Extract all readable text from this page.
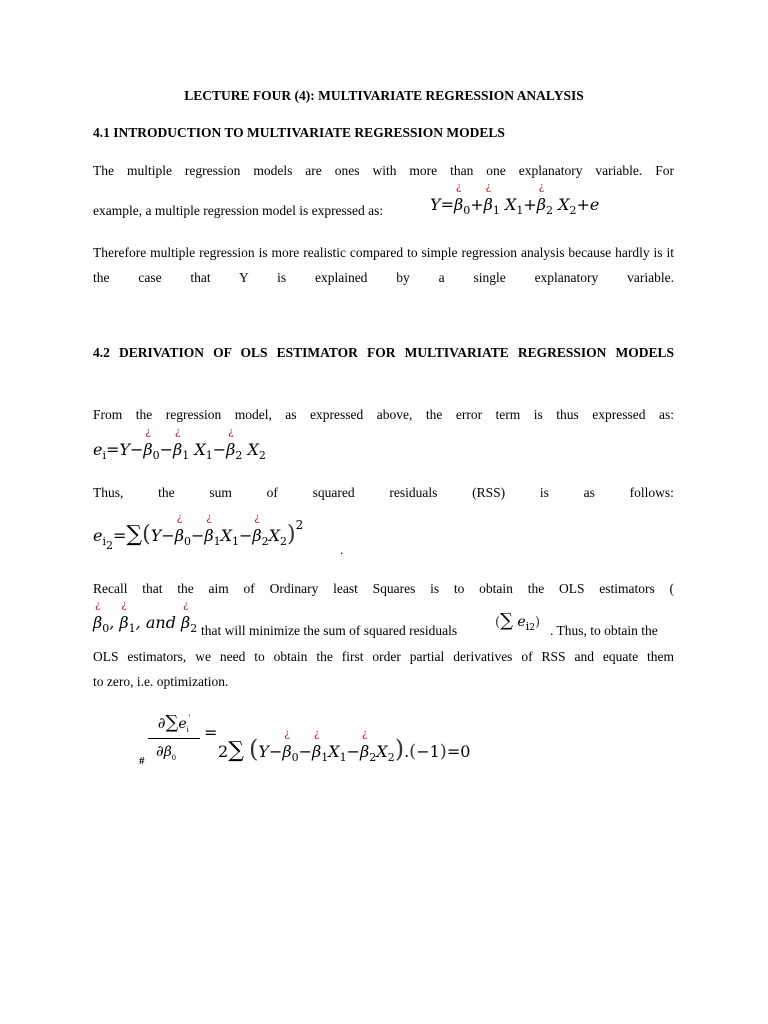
LECTURE FOUR (4): MULTIVARIATE REGRESSION ANALYSIS
4.1 INTRODUCTION TO MULTIVARIATE REGRESSION MODELS
The multiple regression models are ones with more than one explanatory variable. For
example, a multiple regression model is expressed as:	Y=
¿
$\beta_0+$
¿
$\beta_1$ $X_1+$
¿
$\beta_2$ $X_2+e$
Therefore multiple regression is more realistic compared to simple regression analysis because hardly is it the case that Y is explained by a single explanatory variable.
4.2 DERIVATION OF OLS ESTIMATOR FOR MULTIVARIATE REGRESSION MODELS
From the regression model, as expressed above, the error term is thus expressed as:
$e_i=Y-$
¿
$\beta_0-$
¿
$\beta_1$ $X_1-$
¿
$\beta_2$ $X_2$
Thus,	the	sum	of	squared	residuals	(RSS)	is	as	follows:
$e_{i2}=\sum(Y-$
¿
$\beta_0-$
¿
$\beta_1X_1-$
¿
$\beta_2X_2)^2$
.
Recall that the aim of Ordinary least Squares is to obtain the OLS estimators (
¿
$\beta_0$,
¿
$\beta_1$, and
¿
$\beta_2$ that will minimize the sum of squared residuals
(∑ $e_{i2}$)
. Thus, to obtain the
OLS estimators, we need to obtain the first order partial derivatives of RSS and equate them
to zero, i.e. optimization.
$\partial\sum e_i'$
$\partial\beta_0$
#
=
2∑ (Y−
¿
$\beta_0-$
¿
$\beta_1X_1-$
¿
$\beta_2X_2).(-1)=0$
